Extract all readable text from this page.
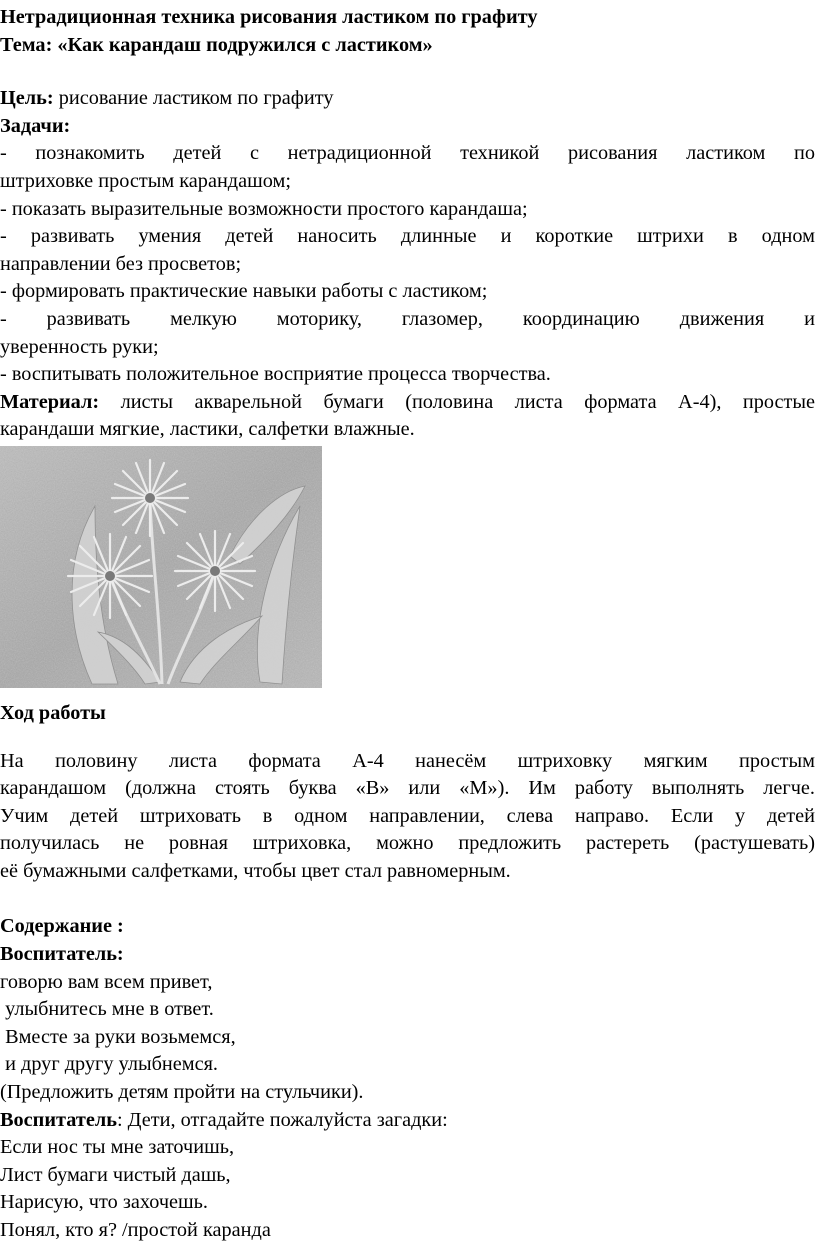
Нетрадиционная техника рисования ластиком по графиту
Тема: «Как карандаш подружился с ластиком»
Цель: рисование ластиком по графиту
Задачи:
- познакомить детей с нетрадиционной техникой рисования ластиком по
штриховке простым карандашом;
- показать выразительные возможности простого карандаша;
- развивать умения детей наносить длинные и короткие штрихи в одном
направлении без просветов;
- формировать практические навыки работы с ластиком;
- развивать мелкую моторику, глазомер, координацию движения и
уверенность руки;
- воспитывать положительное восприятие процесса творчества.
Материал: листы акварельной бумаги (половина листа формата А-4), простые
карандаши мягкие, ластики, салфетки влажные.
Ход работы
На половину листа формата А-4 нанесём штриховку мягким простым
карандашом (должна стоять буква «В» или «М»). Им работу выполнять легче.
Учим детей штриховать в одном направлении, слева направо. Если у детей
получилась не ровная штриховка, можно предложить растереть (растушевать)
её бумажными салфетками, чтобы цвет стал равномерным.
Содержание :
Воспитатель:
говорю вам всем привет,
улыбнитесь мне в ответ.
Вместе за руки возьмемся,
и друг другу улыбнемся.
(Предложить детям пройти на стульчики).
Воспитатель: Дети, отгадайте пожалуйста загадки:
Если нос ты мне заточишь,
Лист бумаги чистый дашь,
Нарисую, что захочешь.
Понял, кто я? /простой каранда
